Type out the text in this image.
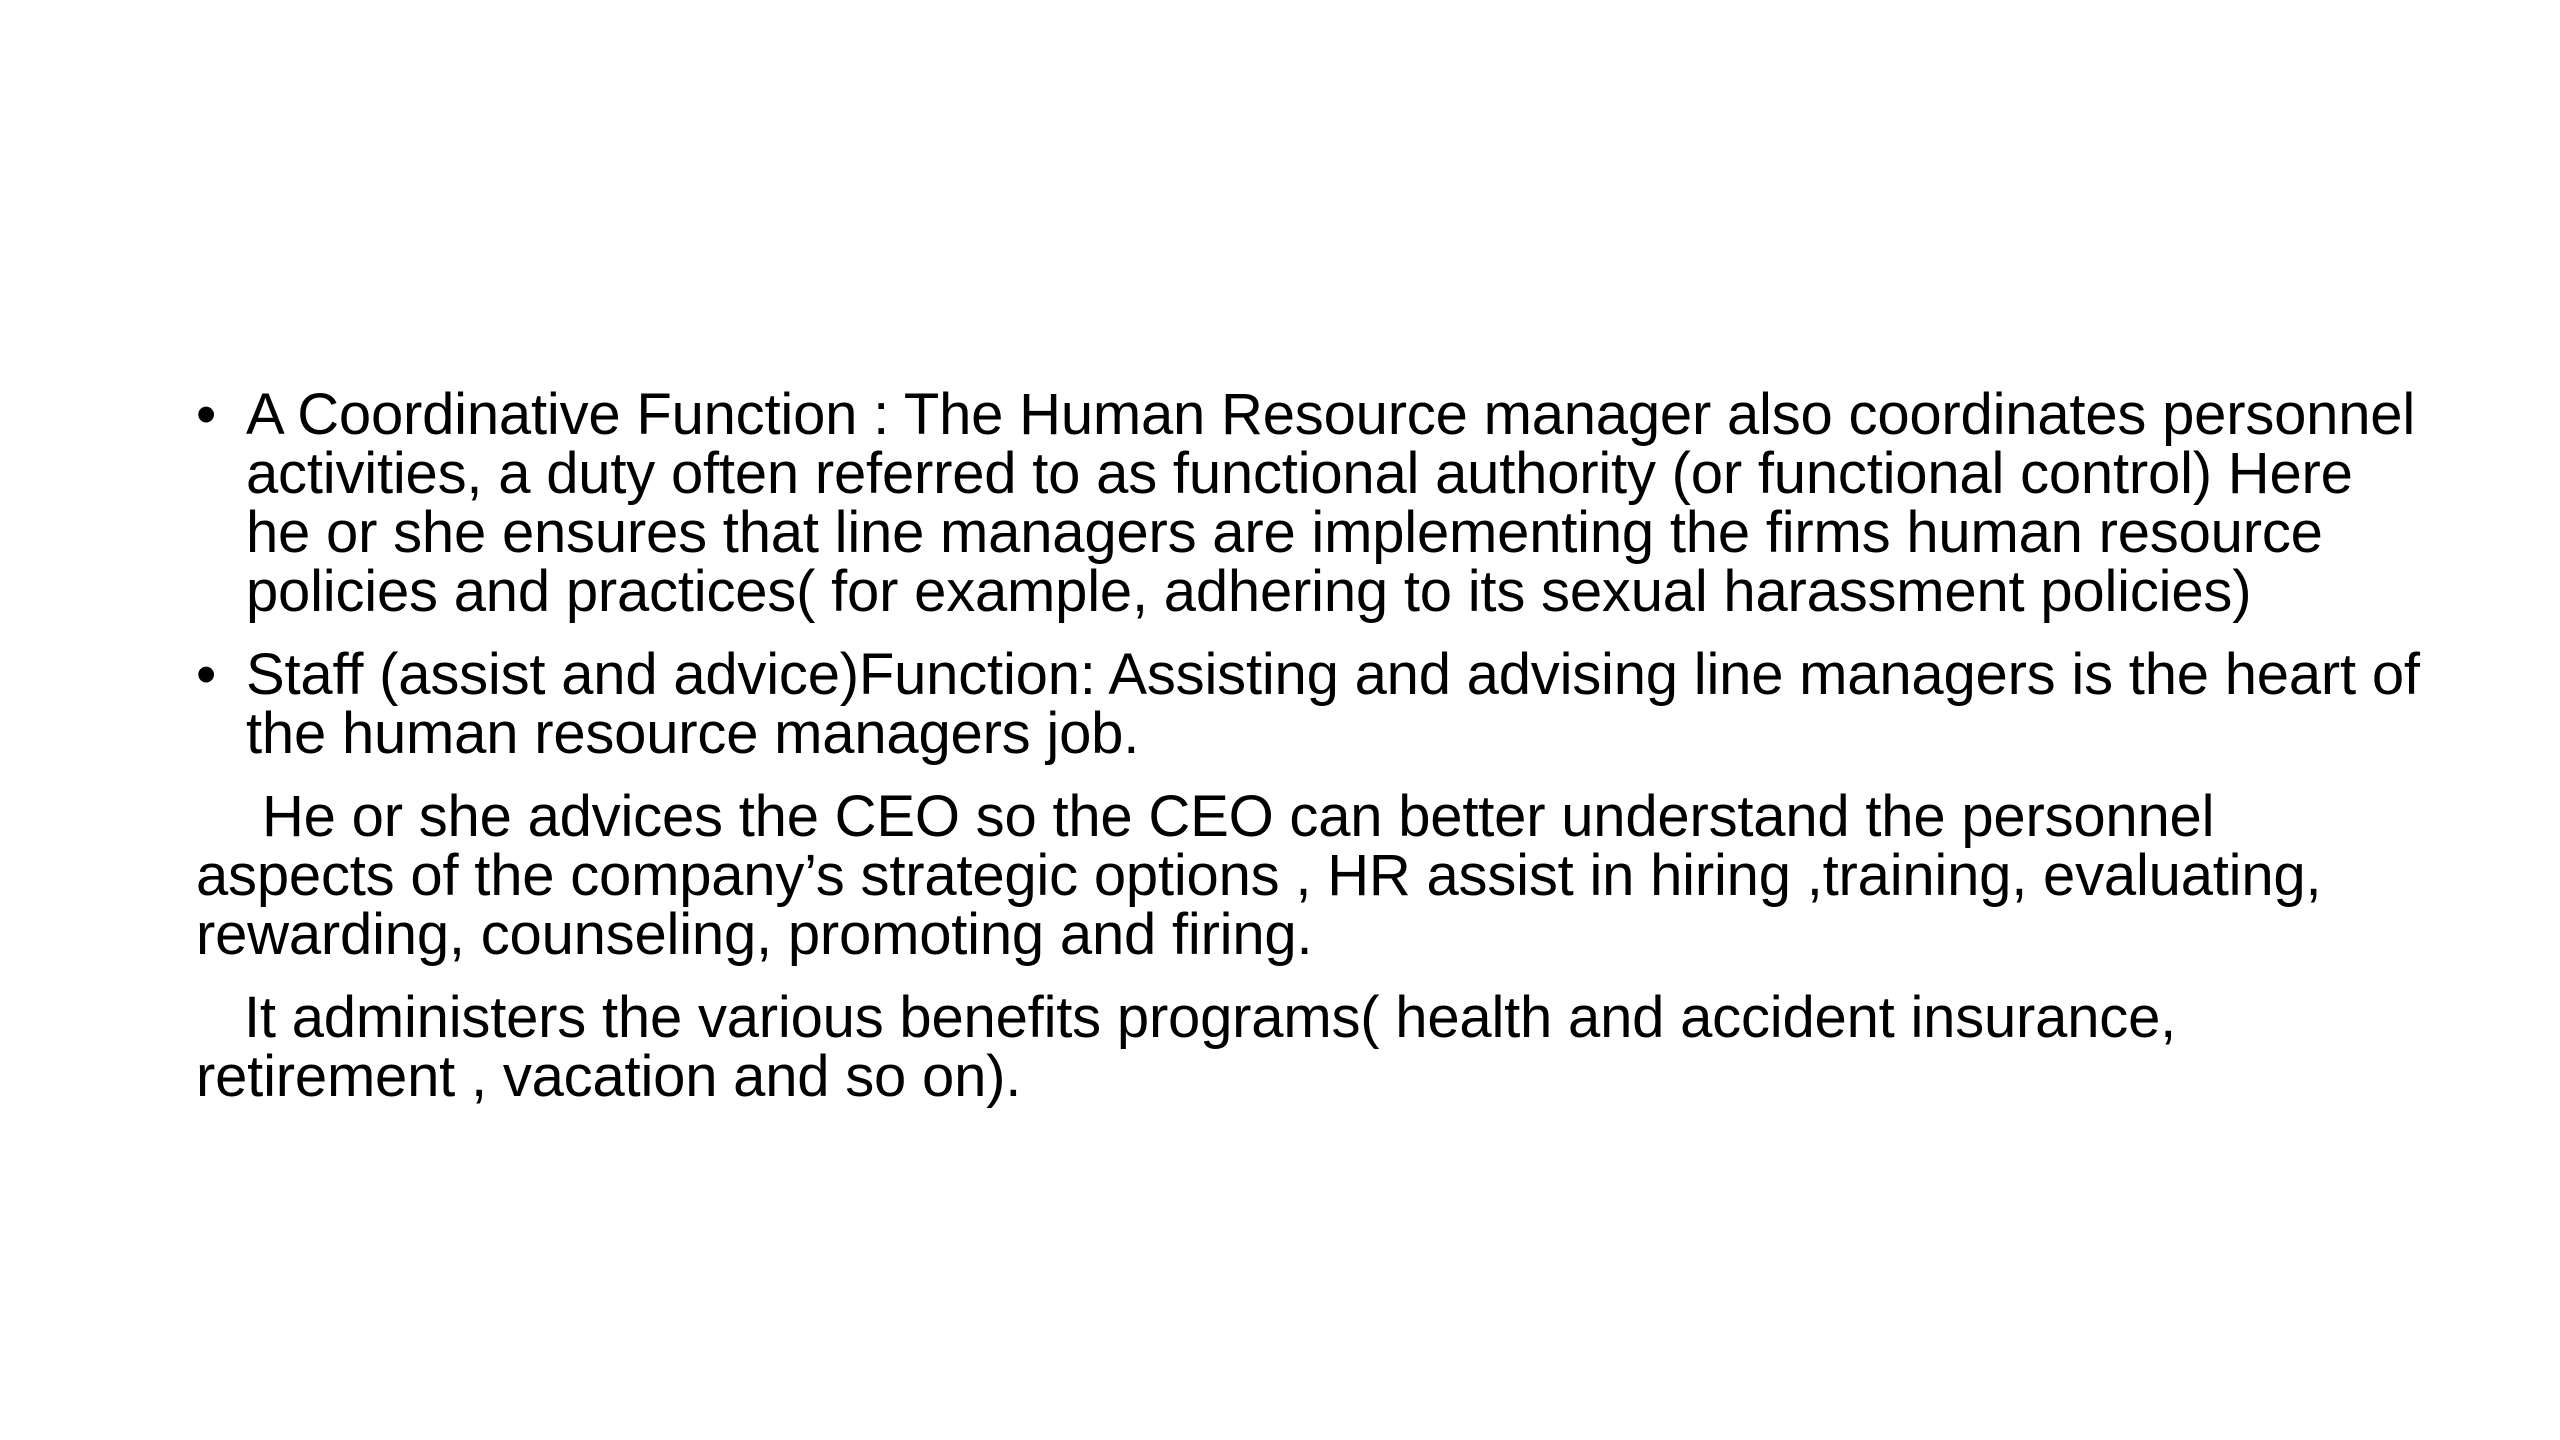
• A Coordinative Function : The Human Resource manager also coordinates personnel activities, a duty often referred to as functional authority (or functional control) Here he or she ensures that line managers are implementing the firms human resource policies and practices( for example, adhering to its sexual harassment policies)
• Staff (assist and advice)Function: Assisting and advising line managers is the heart of the human resource managers job.
He or she advices the CEO so the CEO can better understand the personnel aspects of the company’s strategic options , HR assist in hiring ,training, evaluating, rewarding, counseling, promoting and firing.
It administers the various benefits programs( health and accident insurance, retirement , vacation and so on).
